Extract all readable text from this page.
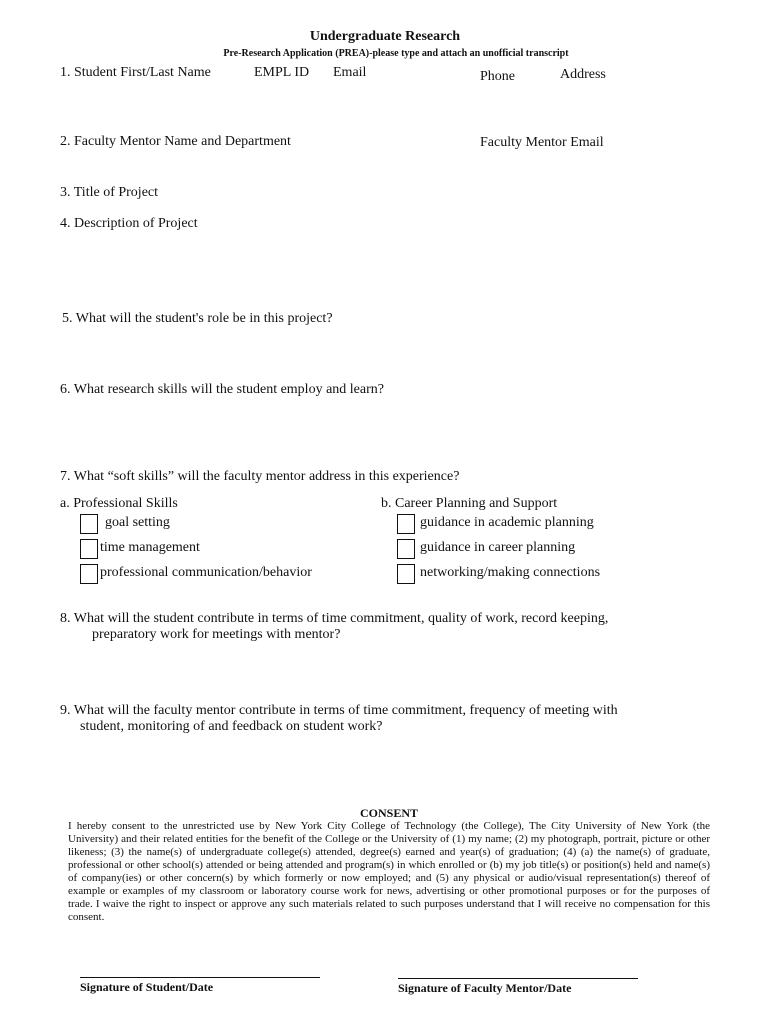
Undergraduate Research
Pre-Research Application (PREA)-please type and attach an unofficial transcript
1. Student First/Last Name	EMPL ID Email	Phone	Address
2. Faculty Mentor Name and Department	Faculty Mentor Email
3. Title of Project
4. Description of Project
5. What will the student's role be in this project?
6. What research skills will the student employ and learn?
7. What “soft skills” will the faculty mentor address in this experience?
a. Professional Skills
goal setting
time management
professional communication/behavior
b. Career Planning and Support
guidance in academic planning
guidance in career planning
networking/making connections
8. What will the student contribute in terms of time commitment, quality of work, record keeping,
preparatory work for meetings with mentor?
9. What will the faculty mentor contribute in terms of time commitment, frequency of meeting with
student, monitoring of and feedback on student work?
CONSENT
I hereby consent to the unrestricted use by New York City College of Technology (the College), The City University of New York (the University) and their related entities for the benefit of the College or the University of (1) my name; (2) my photograph, portrait, picture or other likeness; (3) the name(s) of undergraduate college(s) attended, degree(s) earned and year(s) of graduation; (4) (a) the name(s) of graduate, professional or other school(s) attended or being attended and program(s) in which enrolled or (b) my job title(s) or position(s) held and name(s) of company(ies) or other concern(s) by which formerly or now employed; and (5) any physical or audio/visual representation(s) thereof of example or examples of my classroom or laboratory course work for news, advertising or other promotional purposes or for the purposes of trade. I waive the right to inspect or approve any such materials related to such purposes understand that I will receive no compensation for this consent.
Signature of Student/Date	Signature of Faculty Mentor/Date
